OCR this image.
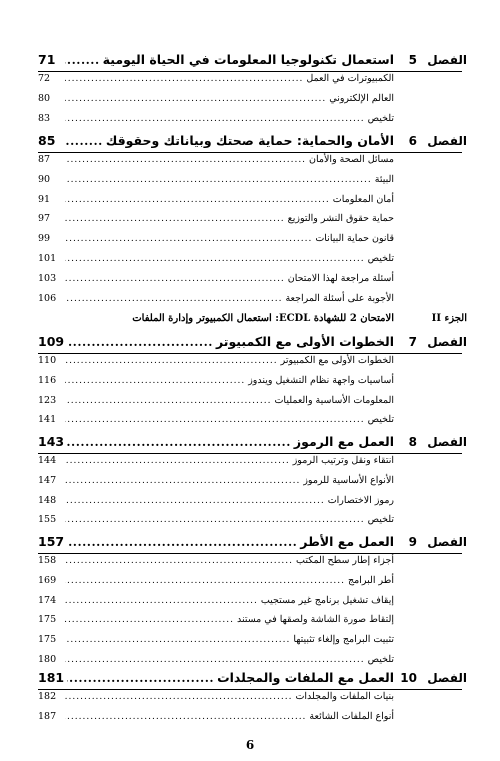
الفصل
5
استعمال تكنولوجيا المعلومات في الحياة اليومية
.....
71
الكمبيوترات في العمل
.....
72
العالم الإلكتروني
.....
80
تلخيص
.....
83
الفصل
6
الأمان والحماية: حماية صحتك وبياناتك وحقوقك
.....
85
مسائل الصحة والأمان
.....
87
البيئة
.....
90
أمان المعلومات
.....
91
حماية حقوق النشر والتوزيع
.....
97
قانون حماية البيانات
.....
99
تلخيص
.....
101
أسئلة مراجعة لهذا الامتحان
.....
103
الأجوبة على أسئلة المراجعة
.....
106
الفصل
7
الخطوات الأولى مع الكمبيوتر
.....
109
الخطوات الأولى مع الكمبيوتر
.....
110
أساسيات واجهة نظام التشغيل ويندوز
.....
116
المعلومات الأساسية والعمليات
.....
123
تلخيص
.....
141
الفصل
8
العمل مع الرموز
.....
143
انتقاء ونقل وترتيب الرموز
.....
144
الأنواع الأساسية للرموز
.....
147
رموز الاختصارات
.....
148
تلخيص
.....
155
الفصل
9
العمل مع الأطر
.....
157
أجزاء إطار سطح المكتب
.....
158
أطر البرامج
.....
169
إيقاف تشغيل برنامج غير مستجيب
.....
174
إلتقاط صورة الشاشة ولصقها في مستند
.....
175
تثبيت البرامج وإلغاء تثبيتها
.....
175
تلخيص
.....
180
الفصل
10
العمل مع الملفات والمجلدات
.....
181
بنيات الملفات والمجلدات
.....
182
أنواع الملفات الشائعة
.....
187
الجزء II
الامتحان 2 للشهادة ECDL: استعمال الكمبيوتر وإدارة الملفات
6
